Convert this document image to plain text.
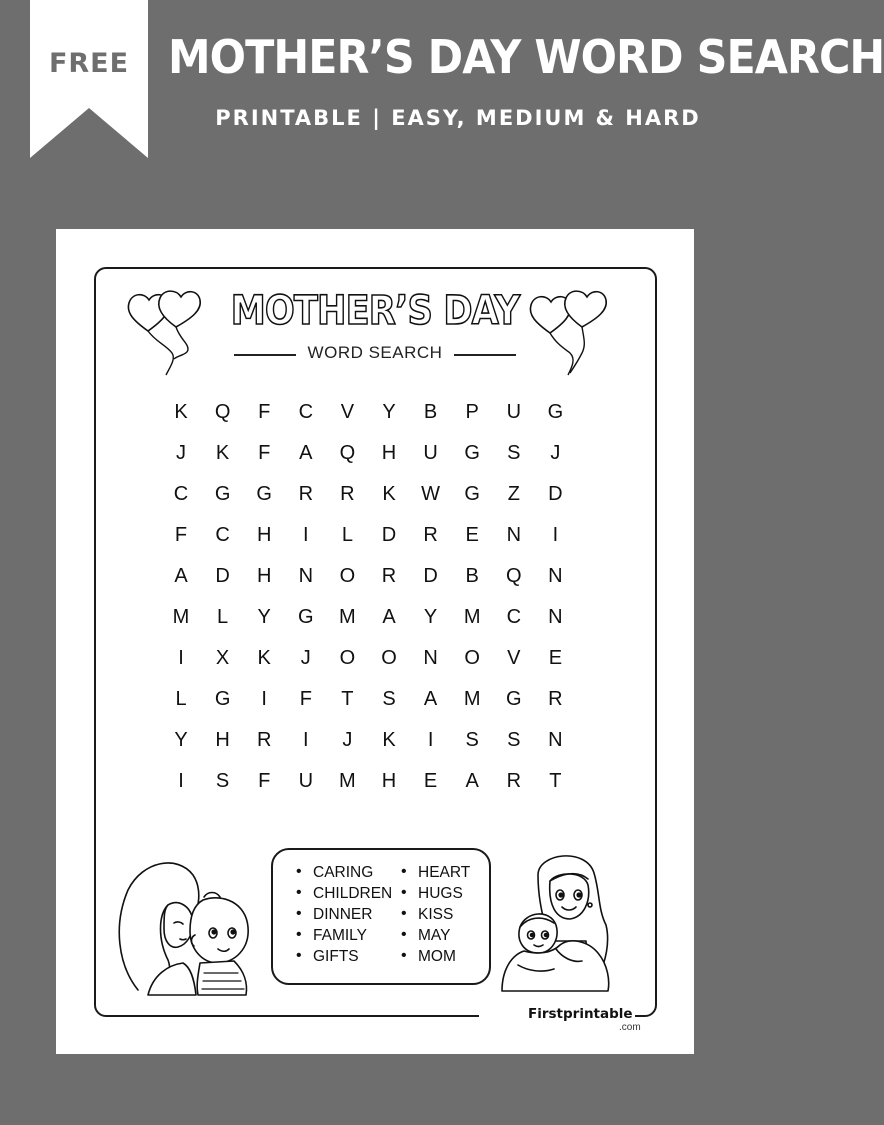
FREE MOTHER’S DAY WORD SEARCH
PRINTABLE | EASY, MEDIUM & HARD
MOTHER’S DAY
WORD SEARCH
K	Q	F	C	V	Y	B	P	U	G
J	K	F	A	Q	H	U	G	S	J
C	G	G	R	R	K	W	G	Z	D
F	C	H	I	L	D	R	E	N	I
A	D	H	N	O	R	D	B	Q	N
M	L	Y	G	M	A	Y	M	C	N
I	X	K	J	O	O	N	O	V	E
L	G	I	F	T	S	A	M	G	R
Y	H	R	I	J	K	I	S	S	N
I	S	F	U	M	H	E	A	R	T
• CARING
• CHILDREN
• DINNER
• FAMILY
• GIFTS
• HEART
• HUGS
• KISS
• MAY
• MOM
Firstprintable
.com
